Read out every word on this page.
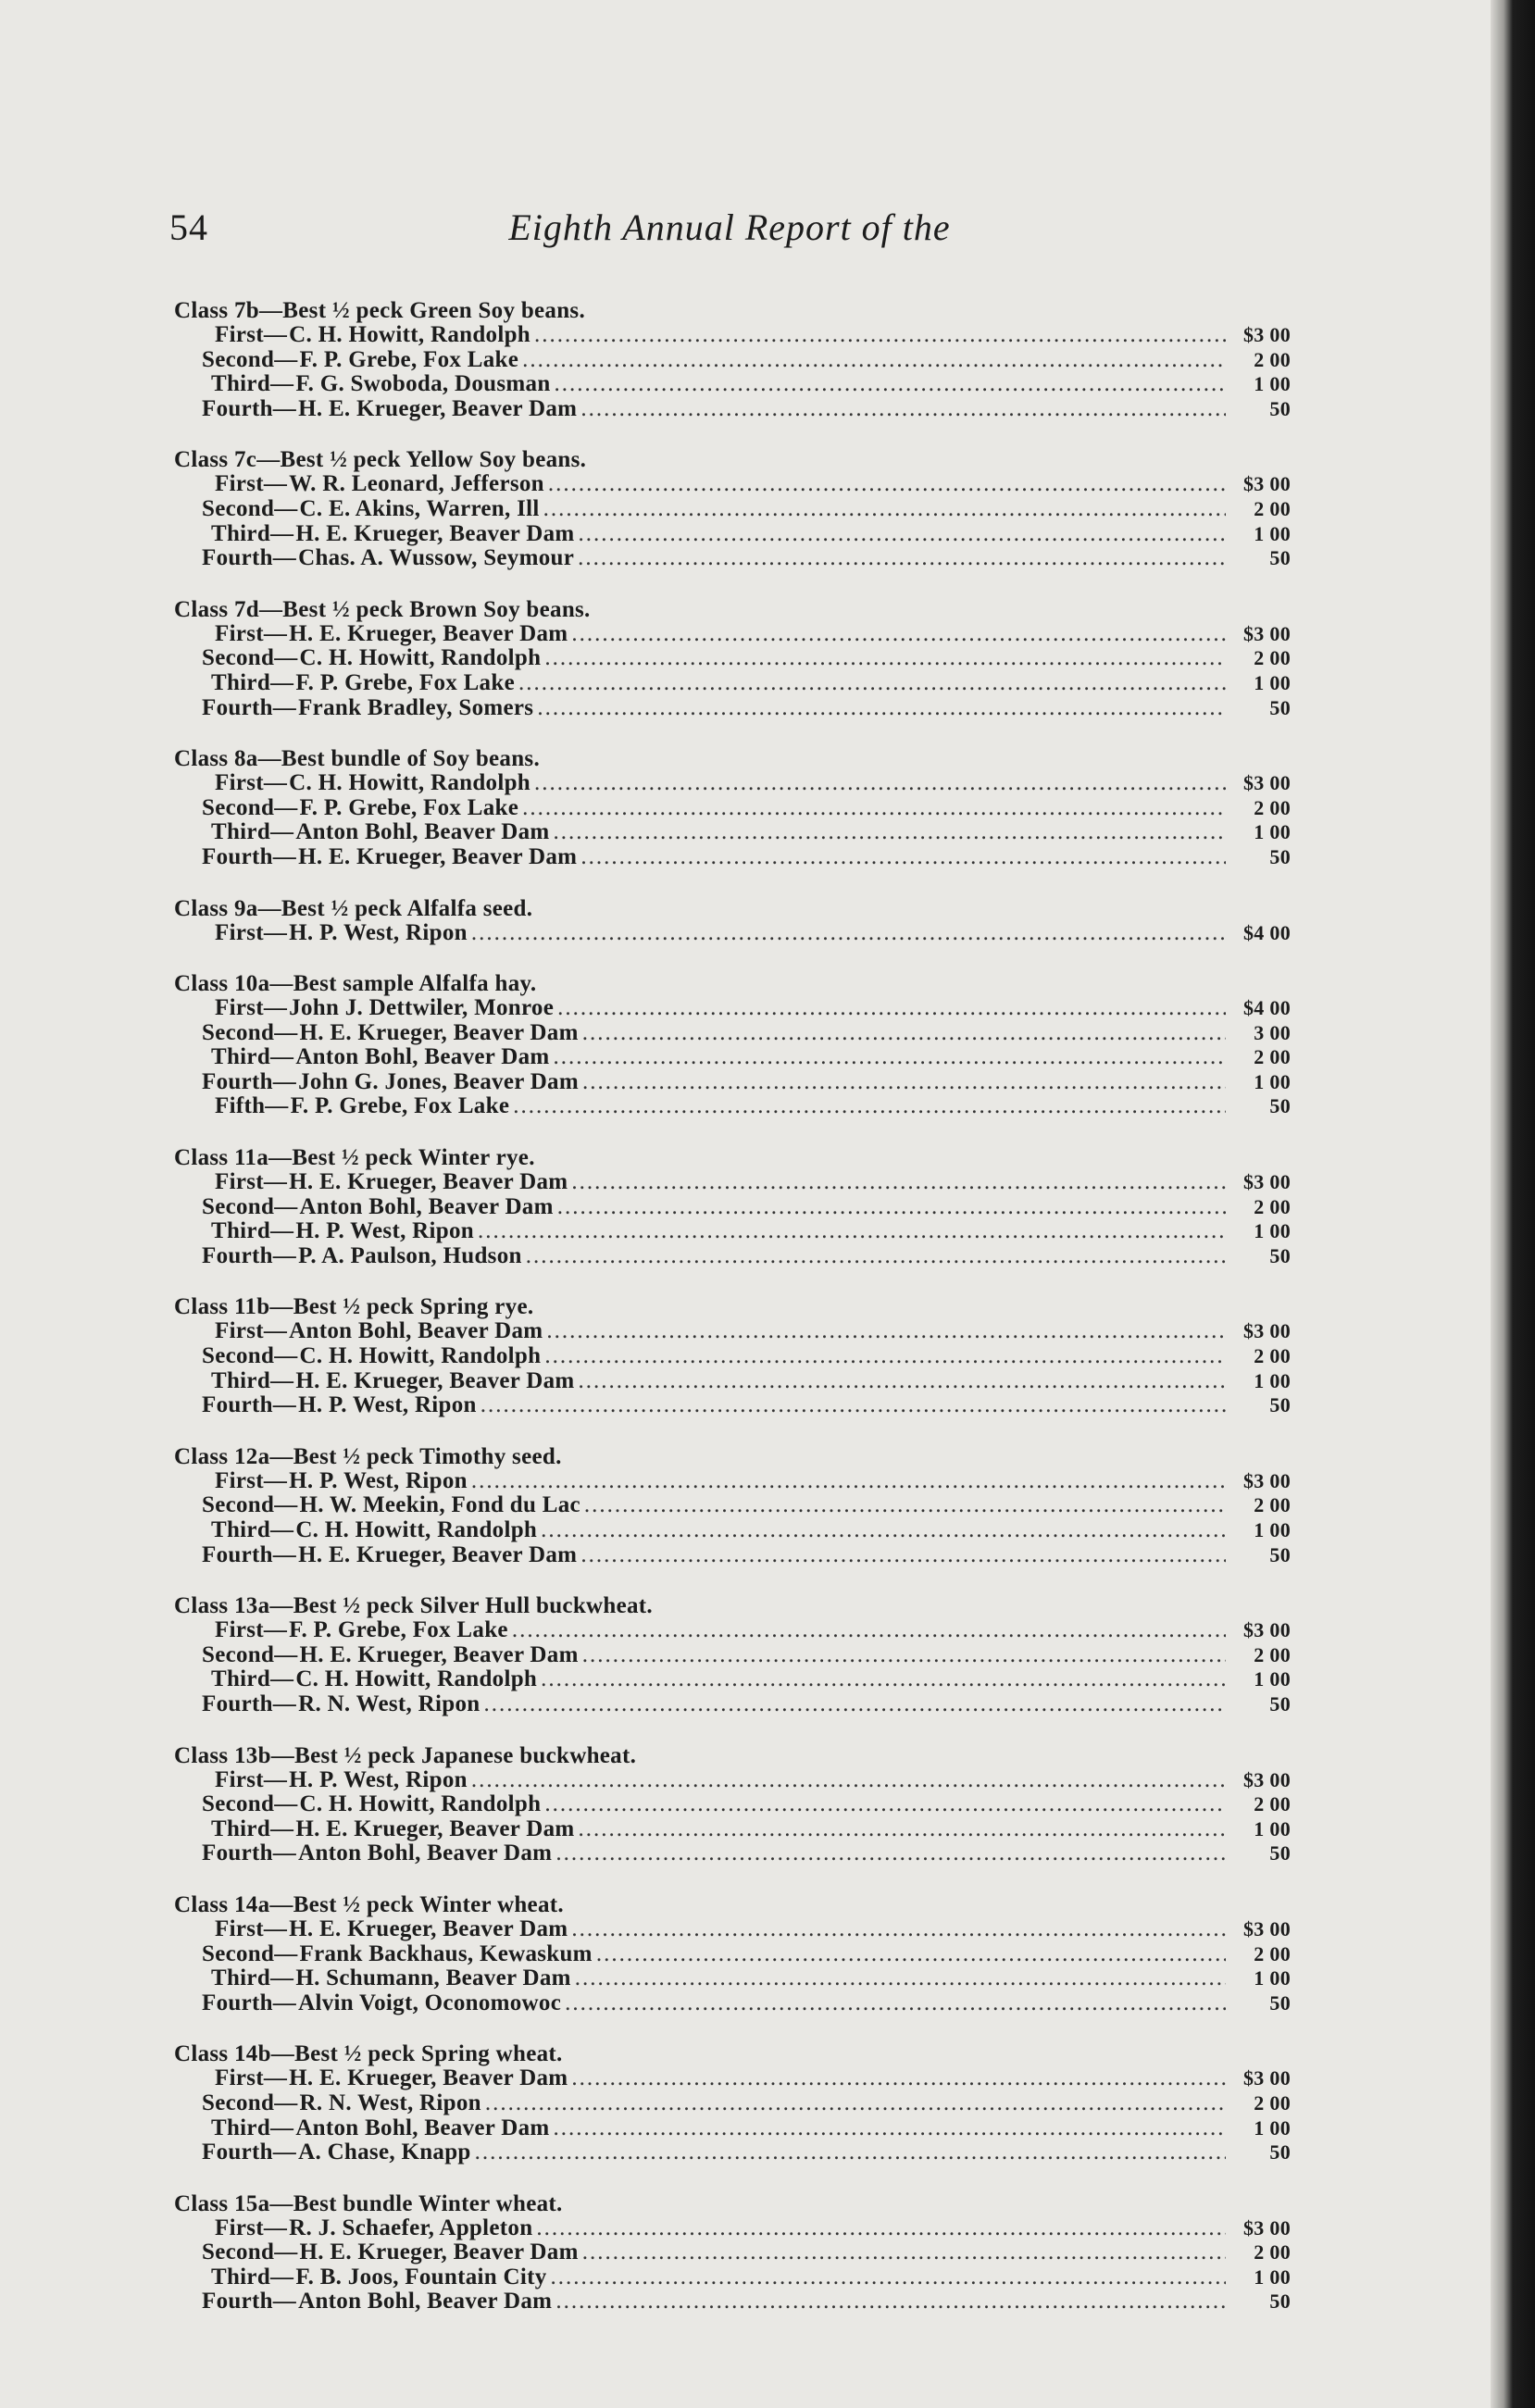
54	Eighth Annual Report of the
Class 7b—Best ½ peck Green Soy beans.
First— C. H. Howitt, Randolph .....	$3 00
Second— F. P. Grebe, Fox Lake .....	2 00
Third— F. G. Swoboda, Dousman .....	1 00
Fourth— H. E. Krueger, Beaver Dam .....	50
Class 7c—Best ½ peck Yellow Soy beans.
First— W. R. Leonard, Jefferson .....	$3 00
Second— C. E. Akins, Warren, Ill .....	2 00
Third— H. E. Krueger, Beaver Dam .....	1 00
Fourth— Chas. A. Wussow, Seymour .....	50
Class 7d—Best ½ peck Brown Soy beans.
First— H. E. Krueger, Beaver Dam .....	$3 00
Second— C. H. Howitt, Randolph .....	2 00
Third— F. P. Grebe, Fox Lake .....	1 00
Fourth— Frank Bradley, Somers .....	50
Class 8a—Best bundle of Soy beans.
First— C. H. Howitt, Randolph .....	$3 00
Second— F. P. Grebe, Fox Lake .....	2 00
Third— Anton Bohl, Beaver Dam .....	1 00
Fourth— H. E. Krueger, Beaver Dam .....	50
Class 9a—Best ½ peck Alfalfa seed.
First— H. P. West, Ripon .....	$4 00
Class 10a—Best sample Alfalfa hay.
First— John J. Dettwiler, Monroe .....	$4 00
Second— H. E. Krueger, Beaver Dam .....	3 00
Third— Anton Bohl, Beaver Dam .....	2 00
Fourth— John G. Jones, Beaver Dam .....	1 00
Fifth— F. P. Grebe, Fox Lake .....	50
Class 11a—Best ½ peck Winter rye.
First— H. E. Krueger, Beaver Dam .....	$3 00
Second— Anton Bohl, Beaver Dam .....	2 00
Third— H. P. West, Ripon .....	1 00
Fourth— P. A. Paulson, Hudson .....	50
Class 11b—Best ½ peck Spring rye.
First— Anton Bohl, Beaver Dam .....	$3 00
Second— C. H. Howitt, Randolph .....	2 00
Third— H. E. Krueger, Beaver Dam .....	1 00
Fourth— H. P. West, Ripon .....	50
Class 12a—Best ½ peck Timothy seed.
First— H. P. West, Ripon .....	$3 00
Second— H. W. Meekin, Fond du Lac .....	2 00
Third— C. H. Howitt, Randolph .....	1 00
Fourth— H. E. Krueger, Beaver Dam .....	50
Class 13a—Best ½ peck Silver Hull buckwheat.
First— F. P. Grebe, Fox Lake .....	$3 00
Second— H. E. Krueger, Beaver Dam .....	2 00
Third— C. H. Howitt, Randolph .....	1 00
Fourth— R. N. West, Ripon .....	50
Class 13b—Best ½ peck Japanese buckwheat.
First— H. P. West, Ripon .....	$3 00
Second— C. H. Howitt, Randolph .....	2 00
Third— H. E. Krueger, Beaver Dam .....	1 00
Fourth— Anton Bohl, Beaver Dam .....	50
Class 14a—Best ½ peck Winter wheat.
First— H. E. Krueger, Beaver Dam .....	$3 00
Second— Frank Backhaus, Kewaskum .....	2 00
Third— H. Schumann, Beaver Dam .....	1 00
Fourth— Alvin Voigt, Oconomowoc .....	50
Class 14b—Best ½ peck Spring wheat.
First— H. E. Krueger, Beaver Dam .....	$3 00
Second— R. N. West, Ripon .....	2 00
Third— Anton Bohl, Beaver Dam .....	1 00
Fourth— A. Chase, Knapp .....	50
Class 15a—Best bundle Winter wheat.
First— R. J. Schaefer, Appleton .....	$3 00
Second— H. E. Krueger, Beaver Dam .....	2 00
Third— F. B. Joos, Fountain City .....	1 00
Fourth— Anton Bohl, Beaver Dam .....	50
